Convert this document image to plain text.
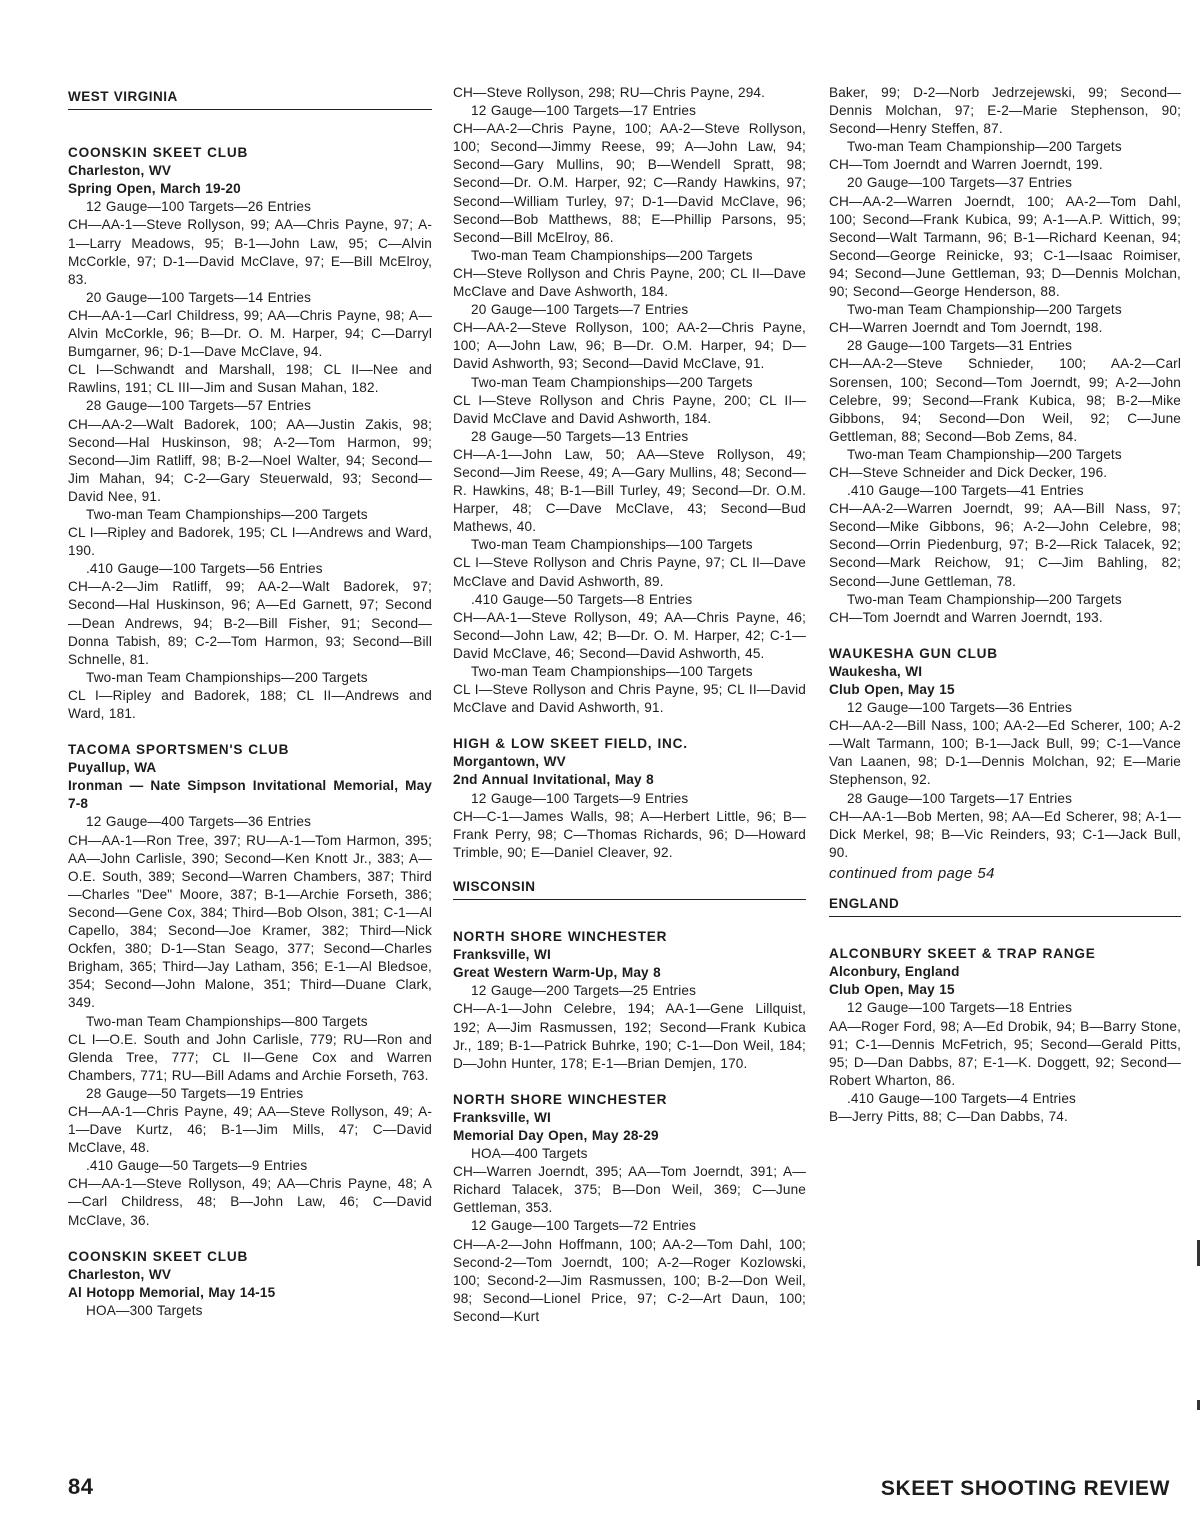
WEST VIRGINIA
COONSKIN SKEET CLUB
Charleston, WV
Spring Open, March 19-20

12 Gauge—100 Targets—26 Entries

CH—AA-1—Steve Rollyson, 99; AA—Chris Payne, 97; A-1—Larry Meadows, 95; B-1—John Law, 95; C—Alvin McCorkle, 97; D-1—David McClave, 97; E—Bill McElroy, 83.

20 Gauge—100 Targets—14 Entries

CH—AA-1—Carl Childress, 99; AA—Chris Payne, 98; A—Alvin McCorkle, 96; B—Dr. O. M. Harper, 94; C—Darryl Bumgarner, 96; D-1—Dave McClave, 94.

CL I—Schwandt and Marshall, 198; CL II—Nee and Rawlins, 191; CL III—Jim and Susan Mahan, 182.

28 Gauge—100 Targets—57 Entries

CH—AA-2—Walt Badorek, 100; AA—Justin Zakis, 98; Second—Hal Huskinson, 98; A-2—Tom Harmon, 99; Second—Jim Ratliff, 98; B-2—Noel Walter, 94; Second—Jim Mahan, 94; C-2—Gary Steuerwald, 93; Second—David Nee, 91.

Two-man Team Championships—200 Targets

CL I—Ripley and Badorek, 195; CL I—Andrews and Ward, 190.

.410 Gauge—100 Targets—56 Entries

CH—A-2—Jim Ratliff, 99; AA-2—Walt Badorek, 97; Second—Hal Huskinson, 96; A—Ed Garnett, 97; Second—Dean Andrews, 94; B-2—Bill Fisher, 91; Second—Donna Tabish, 89; C-2—Tom Harmon, 93; Second—Bill Schnelle, 81.

Two-man Team Championships—200 Targets

CL I—Ripley and Badorek, 188; CL II—Andrews and Ward, 181.

TACOMA SPORTSMEN'S CLUB
Puyallup, WA
Ironman — Nate Simpson Invitational Memorial, May 7-8

12 Gauge—400 Targets—36 Entries

CH—AA-1—Ron Tree, 397; RU—A-1—Tom Harmon, 395; AA—John Carlisle, 390; Second—Ken Knott Jr., 383; A—O.E. South, 389; Second—Warren Chambers, 387; Third—Charles "Dee" Moore, 387; B-1—Archie Forseth, 386; Second—Gene Cox, 384; Third—Bob Olson, 381; C-1—Al Capello, 384; Second—Joe Kramer, 382; Third—Nick Ockfen, 380; D-1—Stan Seago, 377; Second—Charles Brigham, 365; Third—Jay Latham, 356; E-1—Al Bledsoe, 354; Second—John Malone, 351; Third—Duane Clark, 349.

Two-man Team Championships—800 Targets

CL I—O.E. South and John Carlisle, 779; RU—Ron and Glenda Tree, 777; CL II—Gene Cox and Warren Chambers, 771; RU—Bill Adams and Archie Forseth, 763.

28 Gauge—50 Targets—19 Entries

CH—AA-1—Chris Payne, 49; AA—Steve Rollyson, 49; A-1—Dave Kurtz, 46; B-1—Jim Mills, 47; C—David McClave, 48.

.410 Gauge—50 Targets—9 Entries

CH—AA-1—Steve Rollyson, 49; AA—Chris Payne, 48; A—Carl Childress, 48; B—John Law, 46; C—David McClave, 36.

COONSKIN SKEET CLUB
Charleston, WV
Al Hotopp Memorial, May 14-15

HOA—300 Targets

CH—Steve Rollyson, 298; RU—Chris Payne, 294.

12 Gauge—100 Targets—17 Entries

CH—AA-2—Chris Payne, 100; AA-2—Steve Rollyson, 100; Second—Jimmy Reese, 99; A—John Law, 94; Second—Gary Mullins, 90; B—Wendell Spratt, 98; Second—Dr. O.M. Harper, 92; C—Randy Hawkins, 97; Second—William Turley, 97; D-1—David McClave, 96; Second—Bob Matthews, 88; E—Phillip Parsons, 95; Second—Bill McElroy, 86.

Two-man Team Championships—200 Targets

CH—Steve Rollyson and Chris Payne, 200; CL II—Dave McClave and Dave Ashworth, 184.

20 Gauge—100 Targets—7 Entries

CH—AA-2—Steve Rollyson, 100; AA-2—Chris Payne, 100; A—John Law, 96; B—Dr. O.M. Harper, 94; D—David Ashworth, 93; Second—David McClave, 91.

Two-man Team Championships—200 Targets

CL I—Steve Rollyson and Chris Payne, 200; CL II—David McClave and David Ashworth, 184.

28 Gauge—50 Targets—13 Entries

CH—A-1—John Law, 50; AA—Steve Rollyson, 49; Second—Jim Reese, 49; A—Gary Mullins, 48; Second—R. Hawkins, 48; B-1—Bill Turley, 49; Second—Dr. O.M. Harper, 48; C—Dave McClave, 43; Second—Bud Mathews, 40.

Two-man Team Championships—100 Targets

CL I—Steve Rollyson and Chris Payne, 97; CL II—Dave McClave and David Ashworth, 89.

.410 Gauge—50 Targets—8 Entries

CH—AA-1—Steve Rollyson, 49; AA—Chris Payne, 46; Second—John Law, 42; B—Dr. O. M. Harper, 42; C-1—David McClave, 46; Second—David Ashworth, 45.

Two-man Team Championships—100 Targets

CL I—Steve Rollyson and Chris Payne, 95; CL II—David McClave and David Ashworth, 91.

HIGH & LOW SKEET FIELD, INC.
Morgantown, WV
2nd Annual Invitational, May 8

12 Gauge—100 Targets—9 Entries

CH—C-1—James Walls, 98; A—Herbert Little, 96; B—Frank Perry, 98; C—Thomas Richards, 96; D—Howard Trimble, 90; E—Daniel Cleaver, 92.

WISCONSIN
NORTH SHORE WINCHESTER
Franksville, WI
Great Western Warm-Up, May 8

12 Gauge—200 Targets—25 Entries

CH—A-1—John Celebre, 194; AA-1—Gene Lillquist, 192; A—Jim Rasmussen, 192; Second—Frank Kubica Jr., 189; B-1—Patrick Buhrke, 190; C-1—Don Weil, 184; D—John Hunter, 178; E-1—Brian Demjen, 170.

NORTH SHORE WINCHESTER
Franksville, WI
Memorial Day Open, May 28-29

HOA—400 Targets

CH—Warren Joerndt, 395; AA—Tom Joerndt, 391; A—Richard Talacek, 375; B—Don Weil, 369; C—June Gettleman, 353.

12 Gauge—100 Targets—72 Entries

CH—A-2—John Hoffmann, 100; AA-2—Tom Dahl, 100; Second-2—Tom Joerndt, 100; A-2—Roger Kozlowski, 100; Second-2—Jim Rasmussen, 100; B-2—Don Weil, 98; Second—Lionel Price, 97; C-2—Art Daun, 100; Second—Kurt

Baker, 99; D-2—Norb Jedrzejewski, 99; Second—Dennis Molchan, 97; E-2—Marie Stephenson, 90; Second—Henry Steffen, 87.

Two-man Team Championship—200 Targets

CH—Tom Joerndt and Warren Joerndt, 199.

20 Gauge—100 Targets—37 Entries

CH—AA-2—Warren Joerndt, 100; AA-2—Tom Dahl, 100; Second—Frank Kubica, 99; A-1—A.P. Wittich, 99; Second—Walt Tarmann, 96; B-1—Richard Keenan, 94; Second—George Reinicke, 93; C-1—Isaac Roimiser, 94; Second—June Gettleman, 93; D—Dennis Molchan, 90; Second—George Henderson, 88.

Two-man Team Championship—200 Targets

CH—Warren Joerndt and Tom Joerndt, 198.

28 Gauge—100 Targets—31 Entries

CH—AA-2—Steve Schnieder, 100; AA-2—Carl Sorensen, 100; Second—Tom Joerndt, 99; A-2—John Celebre, 99; Second—Frank Kubica, 98; B-2—Mike Gibbons, 94; Second—Don Weil, 92; C—June Gettleman, 88; Second—Bob Zems, 84.

Two-man Team Championship—200 Targets

CH—Steve Schneider and Dick Decker, 196.

.410 Gauge—100 Targets—41 Entries

CH—AA-2—Warren Joerndt, 99; AA—Bill Nass, 97; Second—Mike Gibbons, 96; A-2—John Celebre, 98; Second—Orrin Piedenburg, 97; B-2—Rick Talacek, 92; Second—Mark Reichow, 91; C—Jim Bahling, 82; Second—June Gettleman, 78.

Two-man Team Championship—200 Targets

CH—Tom Joerndt and Warren Joerndt, 193.

WAUKESHA GUN CLUB
Waukesha, WI
Club Open, May 15

12 Gauge—100 Targets—36 Entries

CH—AA-2—Bill Nass, 100; AA-2—Ed Scherer, 100; A-2—Walt Tarmann, 100; B-1—Jack Bull, 99; C-1—Vance Van Laanen, 98; D-1—Dennis Molchan, 92; E—Marie Stephenson, 92.

28 Gauge—100 Targets—17 Entries

CH—AA-1—Bob Merten, 98; AA—Ed Scherer, 98; A-1—Dick Merkel, 98; B—Vic Reinders, 93; C-1—Jack Bull, 90.

continued from page 54
ENGLAND
ALCONBURY SKEET & TRAP RANGE
Alconbury, England
Club Open, May 15

12 Gauge—100 Targets—18 Entries

AA—Roger Ford, 98; A—Ed Drobik, 94; B—Barry Stone, 91; C-1—Dennis McFetrich, 95; Second—Gerald Pitts, 95; D—Dan Dabbs, 87; E-1—K. Doggett, 92; Second—Robert Wharton, 86.

.410 Gauge—100 Targets—4 Entries

B—Jerry Pitts, 88; C—Dan Dabbs, 74.

84	SKEET SHOOTING REVIEW
